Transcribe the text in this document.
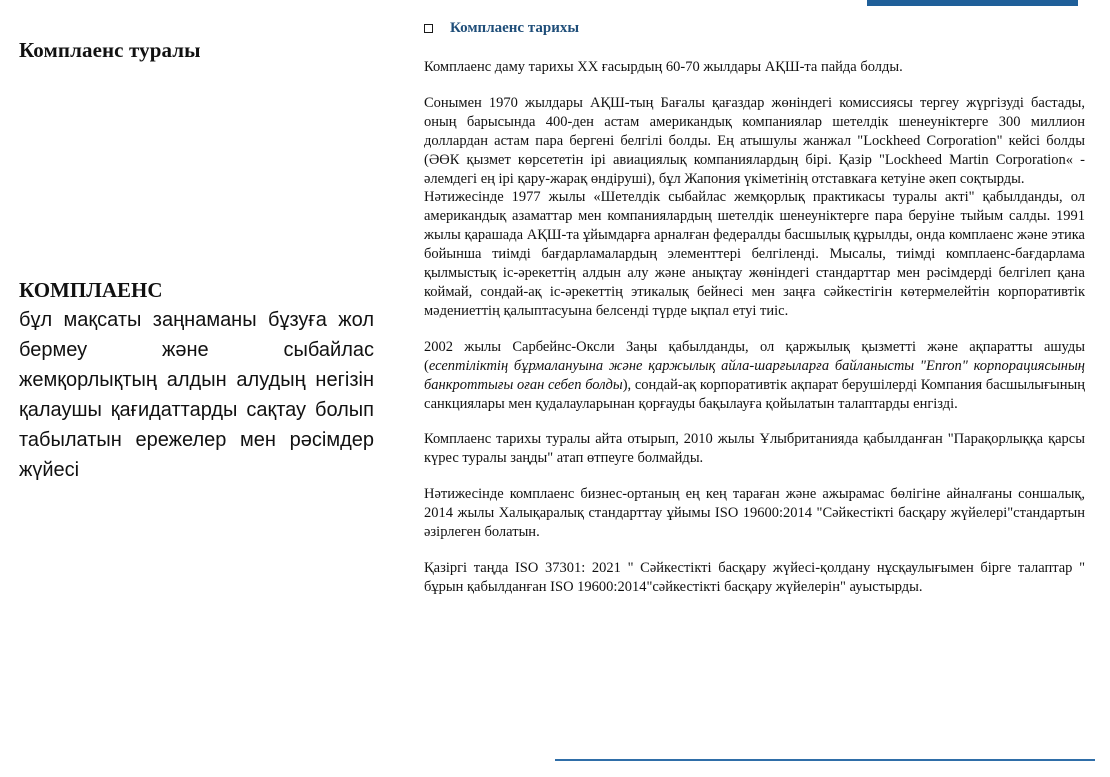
Комплаенс туралы
КОМПЛАЕНС

бұл мақсаты заңнаманы бұзуға жол бермеу және сыбайлас жемқорлықтың алдын алудың негізін қалаушы қағидаттарды сақтау болып табылатын ережелер мен рәсімдер жүйесі

Комплаенс тарихы

Комплаенс даму тарихы XX ғасырдың 60-70 жылдары АҚШ-та пайда болды.

Сонымен 1970 жылдары АҚШ-тың Бағалы қағаздар жөніндегі комиссиясы тергеу жүргізуді бастады, оның барысында 400-ден астам американдық компаниялар шетелдік шенеуніктерге 300 миллион доллардан астам пара бергені белгілі болды. Ең атышулы жанжал "Lockheed Corporation" кейсі болды (ӘӨК қызмет көрсететін ірі авиациялық компаниялардың бірі. Қазір "Lockheed Martin Corporation« - әлемдегі ең ірі қару-жарақ өндіруші), бұл Жапония үкіметінің отставкаға кетуіне әкеп соқтырды.

Нәтижесінде 1977 жылы «Шетелдік сыбайлас жемқорлық практикасы туралы акті" қабылданды, ол американдық азаматтар мен компаниялардың шетелдік шенеуніктерге пара беруіне тыйым салды. 1991 жылы қарашада АҚШ-та ұйымдарға арналған федералды басшылық құрылды, онда комплаенс және этика бойынша тиімді бағдарламалардың элементтері белгіленді. Мысалы, тиімді комплаенс-бағдарлама қылмыстық іс-әрекеттің алдын алу және анықтау жөніндегі стандарттар мен рәсімдерді белгілеп қана коймай, сондай-ақ іс-әрекеттің этикалық бейнесі мен заңға сәйкестігін көтермелейтін корпоративтік мәдениеттің қалыптасуына белсенді түрде ықпал етуі тиіс.

2002 жылы Сарбейнс-Оксли Заңы қабылданды, ол қаржылық қызметті және ақпаратты ашуды (есептіліктің бұрмалануына және қаржылық айла-шарғыларға байланысты "Enron" корпорациясының банкроттығы оған себеп болды), сондай-ақ корпоративтік ақпарат берушілерді Компания басшылығының санкциялары мен қудалауларынан қорғауды бақылауға қойылатын талаптарды енгізді.

Комплаенс тарихы туралы айта отырып, 2010 жылы Ұлыбританияда қабылданған "Парақорлыққа қарсы күрес туралы заңды" атап өтпеуге болмайды.

Нәтижесінде комплаенс бизнес-ортаның ең кең тараған және ажырамас бөлігіне айналғаны соншалық, 2014 жылы Халықаралық стандарттау ұйымы ISO 19600:2014 "Сәйкестікті басқару жүйелері"стандартын әзірлеген болатын.

Қазіргі таңда ISO 37301: 2021 " Сәйкестікті басқару жүйесі-қолдану нұсқаулығымен бірге талаптар " бұрын қабылданған ISO 19600:2014"сәйкестікті басқару жүйелерін" ауыстырды.
